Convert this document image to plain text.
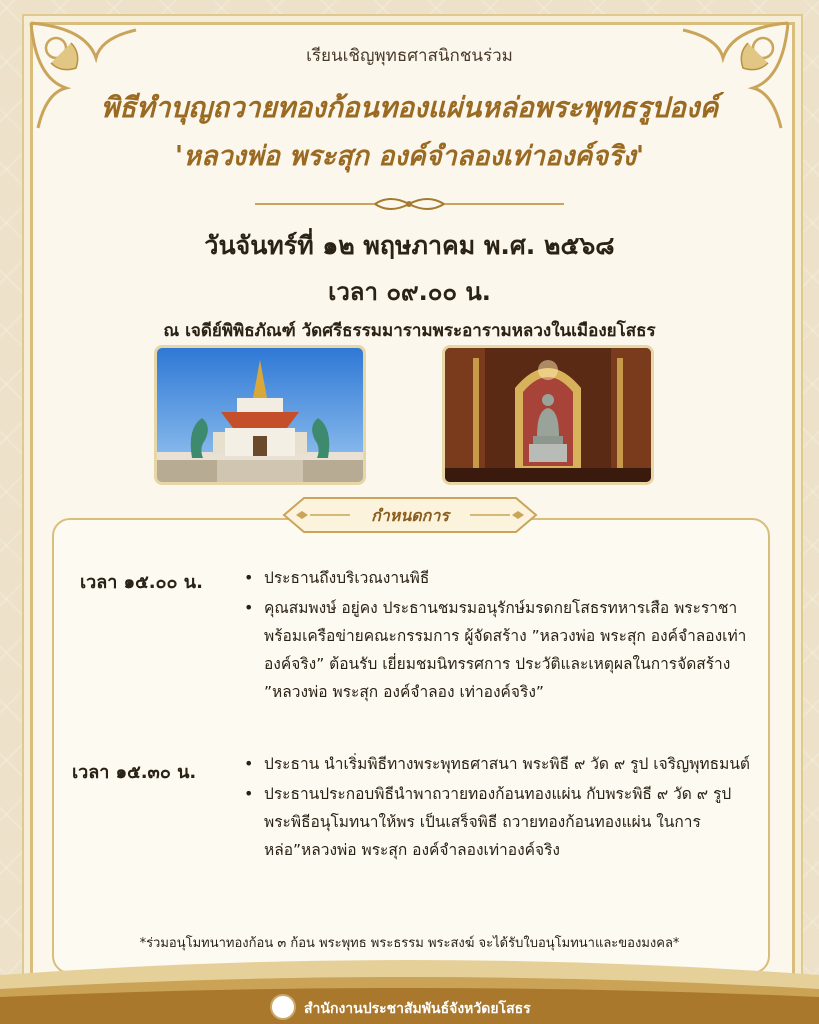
เรียนเชิญพุทธศาสนิกชนร่วม
พิธีทำบุญถวายทองก้อนทองแผ่นหล่อพระพุทธรูปองค์
'หลวงพ่อ พระสุก องค์จำลองเท่าองค์จริง'
วันจันทร์ที่ ๑๒ พฤษภาคม พ.ศ. ๒๕๖๘
เวลา ๐๙.๐๐ น.
ณ เจดีย์พิพิธภัณฑ์ วัดศรีธรรมมารามพระอารามหลวงในเมืองยโสธร
กำหนดการ
เวลา ๑๕.๐๐ น.	• ประธานถึงบริเวณงานพิธี
• คุณสมพงษ์ อยู่คง ประธานชมรมอนุรักษ์มรดกยโสธรทหารเสือ พระราชา พร้อมเครือข่ายคณะกรรมการ ผู้จัดสร้าง ”หลวงพ่อ พระสุก องค์จำลองเท่าองค์จริง” ต้อนรับ เยี่ยมชมนิทรรศการ ประวัติและเหตุผลในการจัดสร้าง ”หลวงพ่อ พระสุก องค์จำลอง เท่าองค์จริง”
เวลา ๑๕.๓๐ น.	• ประธาน นำเริ่มพิธีทางพระพุทธศาสนา พระพิธี ๙ วัด ๙ รูป เจริญพุทธมนต์
• ประธานประกอบพิธีนำพาถวายทองก้อนทองแผ่น กับพระพิธี ๙ วัด ๙ รูป พระพิธีอนุโมทนาให้พร เป็นเสร็จพิธี ถวายทองก้อนทองแผ่น ในการหล่อ”หลวงพ่อ พระสุก องค์จำลองเท่าองค์จริง
*ร่วมอนุโมทนาทองก้อน ๓ ก้อน พระพุทธ พระธรรม พระสงฆ์ จะได้รับใบอนุโมทนาและของมงคล*
สำนักงานประชาสัมพันธ์จังหวัดยโสธร
